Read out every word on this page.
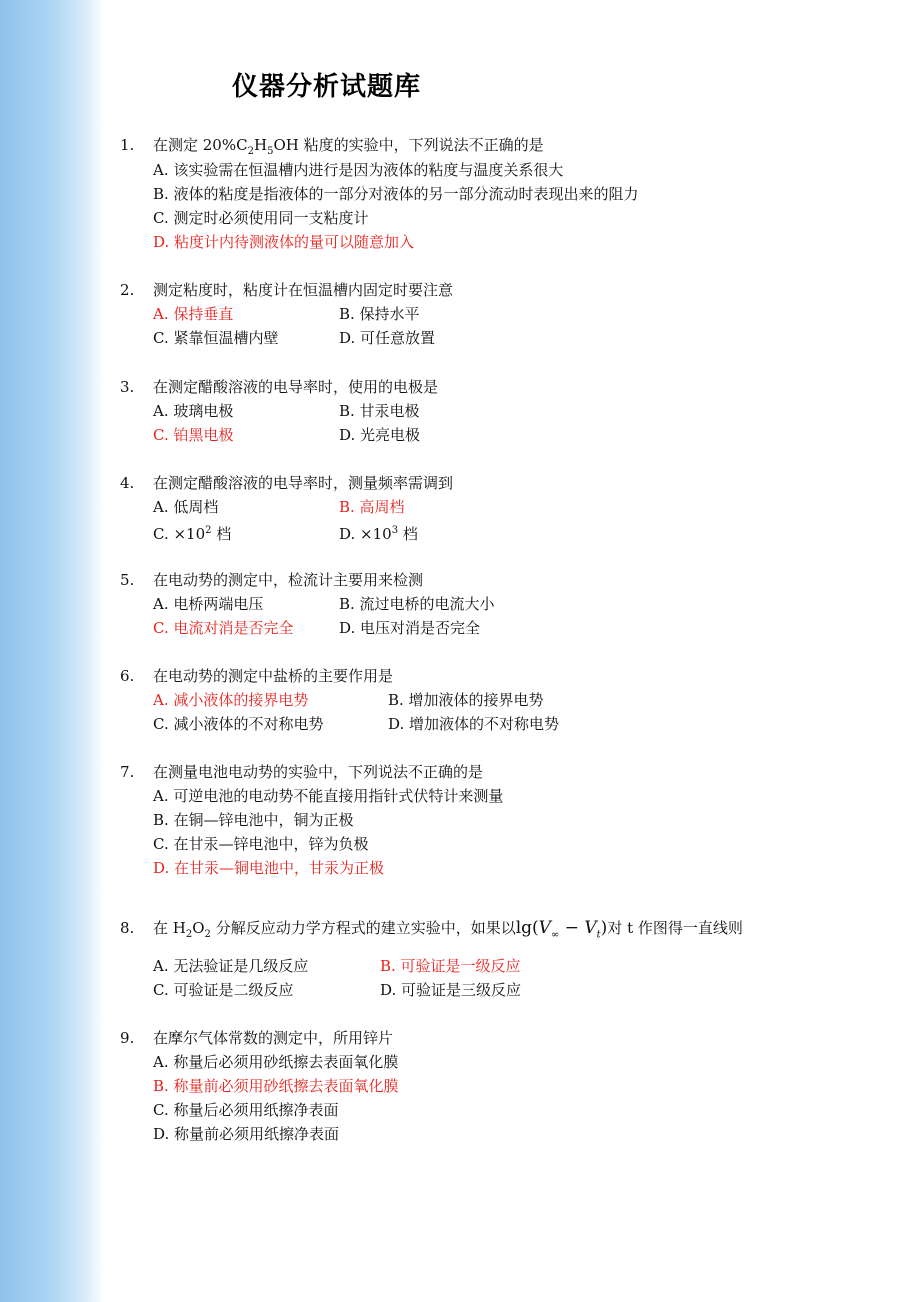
仪器分析试题库
1. 在测定 $20\%C_2H_5OH$ 粘度的实验中，下列说法不正确的是
A. 该实验需在恒温槽内进行是因为液体的粘度与温度关系很大
B. 液体的粘度是指液体的一部分对液体的另一部分流动时表现出来的阻力
C. 测定时必须使用同一支粘度计
D. 粘度计内待测液体的量可以随意加入
2. 测定粘度时，粘度计在恒温槽内固定时要注意
A. 保持垂直	B. 保持水平
C. 紧靠恒温槽内壁	D. 可任意放置
3. 在测定醋酸溶液的电导率时，使用的电极是
A. 玻璃电极	B. 甘汞电极
C. 铂黑电极	D. 光亮电极
4. 在测定醋酸溶液的电导率时，测量频率需调到
A. 低周档	B. 高周档
C. $\times 10^2$ 档	D. $\times 10^3$ 档
5. 在电动势的测定中，检流计主要用来检测
A. 电桥两端电压	B. 流过电桥的电流大小
C. 电流对消是否完全	D. 电压对消是否完全
6. 在电动势的测定中盐桥的主要作用是
A. 减小液体的接界电势	B. 增加液体的接界电势
C. 减小液体的不对称电势	D. 增加液体的不对称电势
7. 在测量电池电动势的实验中，下列说法不正确的是
A. 可逆电池的电动势不能直接用指针式伏特计来测量
B. 在铜—锌电池中，铜为正极
C. 在甘汞—锌电池中，锌为负极
D. 在甘汞—铜电池中，甘汞为正极
8. 在 $H_2O_2$ 分解反应动力学方程式的建立实验中，如果以$\lg(V_\infty - V_t)$对 t 作图得一直线则
A. 无法验证是几级反应	B. 可验证是一级反应
C. 可验证是二级反应	D. 可验证是三级反应
9. 在摩尔气体常数的测定中，所用锌片
A. 称量后必须用砂纸擦去表面氧化膜
B. 称量前必须用砂纸擦去表面氧化膜
C. 称量后必须用纸擦净表面
D. 称量前必须用纸擦净表面
